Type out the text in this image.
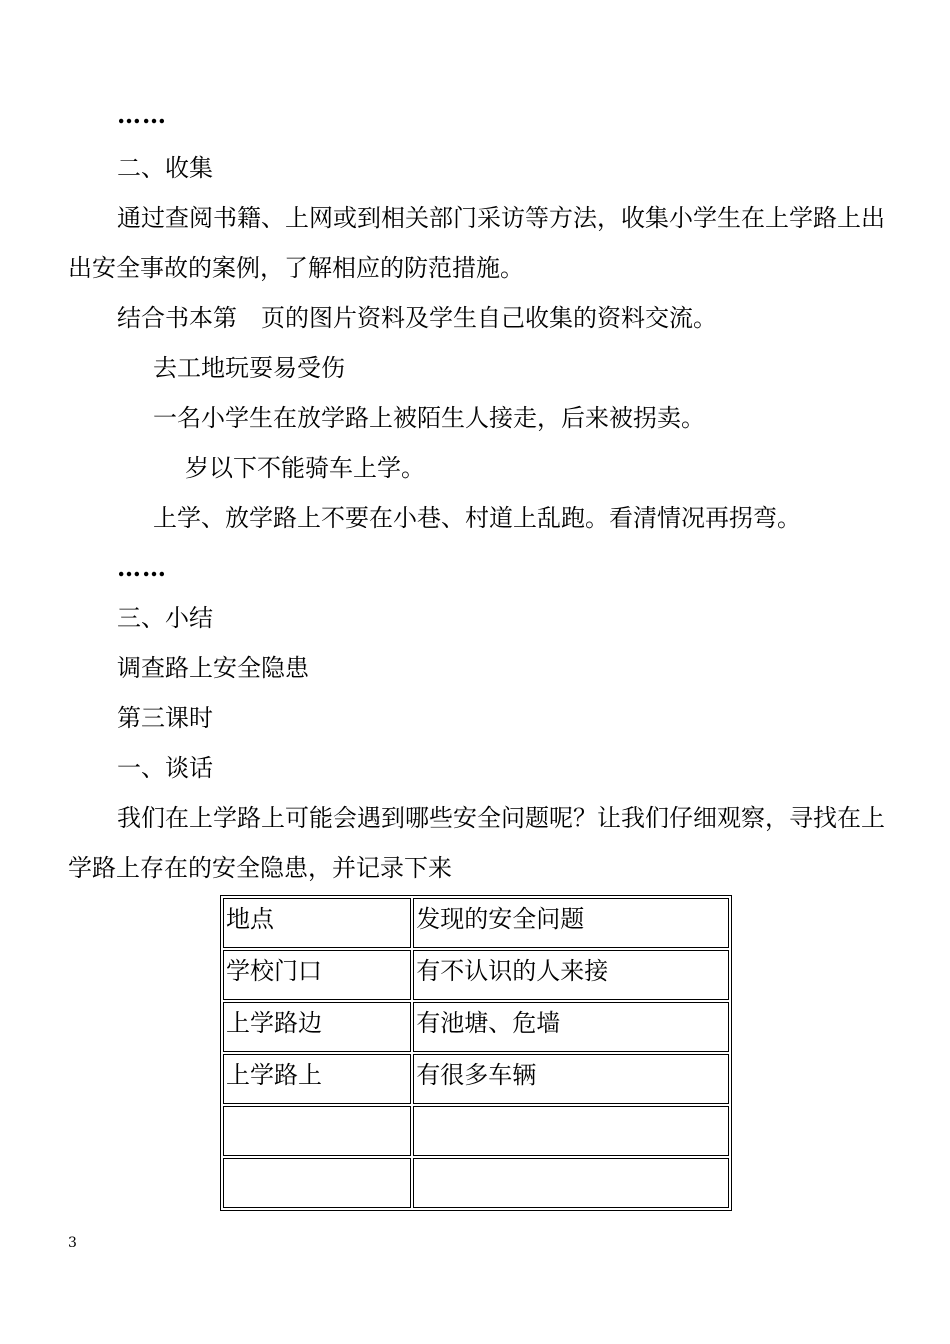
……
二、收集
通过查阅书籍、上网或到相关部门采访等方法，收集小学生在上学路上出
出安全事故的案例，了解相应的防范措施。
结合书本第　页的图片资料及学生自己收集的资料交流。
去工地玩耍易受伤
一名小学生在放学路上被陌生人接走，后来被拐卖。
岁以下不能骑车上学。
上学、放学路上不要在小巷、村道上乱跑。看清情况再拐弯。
……
三、小结
调查路上安全隐患
第三课时
一、谈话
我们在上学路上可能会遇到哪些安全问题呢？让我们仔细观察，寻找在上
学路上存在的安全隐患，并记录下来
地点	发现的安全问题
学校门口	有不认识的人来接
上学路边	有池塘、危墙
上学路上	有很多车辆

3
